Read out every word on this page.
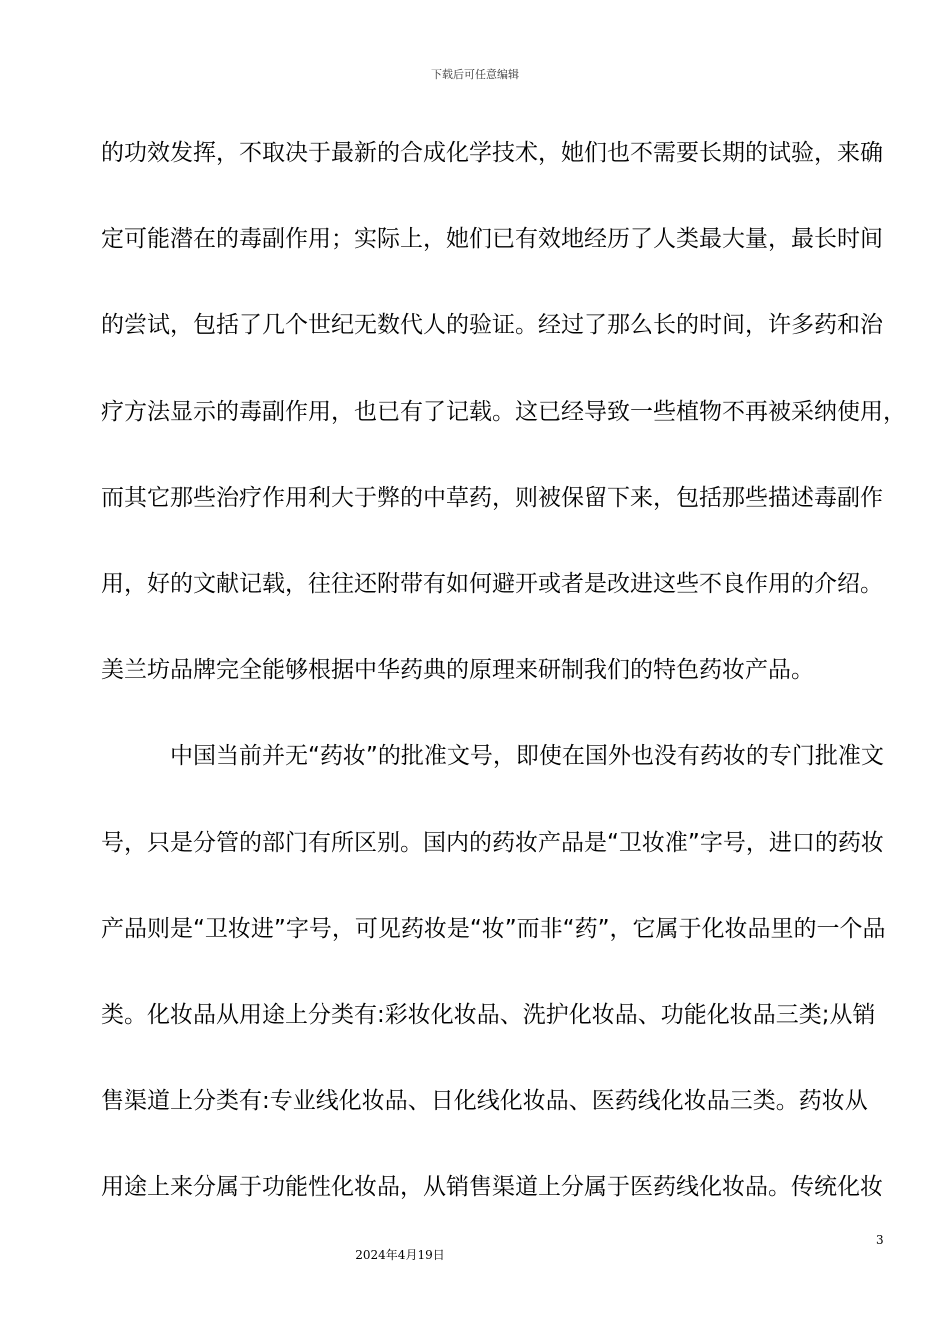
下载后可任意编辑
的功效发挥，不取决于最新的合成化学技术，她们也不需要长期的试验，来确
定可能潜在的毒副作用；实际上，她们已有效地经历了人类最大量，最长时间
的尝试，包括了几个世纪无数代人的验证。经过了那么长的时间，许多药和治
疗方法显示的毒副作用，也已有了记载。这已经导致一些植物不再被采纳使用，
而其它那些治疗作用利大于弊的中草药，则被保留下来，包括那些描述毒副作
用，好的文献记载，往往还附带有如何避开或者是改进这些不良作用的介绍。
美兰坊品牌完全能够根据中华药典的原理来研制我们的特色药妆产品。
中国当前并无“药妆”的批准文号，即使在国外也没有药妆的专门批准文
号，只是分管的部门有所区别。国内的药妆产品是“卫妆准”字号，进口的药妆
产品则是“卫妆进”字号，可见药妆是“妆”而非“药”，它属于化妆品里的一个品
类。化妆品从用途上分类有:彩妆化妆品、洗护化妆品、功能化妆品三类;从销
售渠道上分类有:专业线化妆品、日化线化妆品、医药线化妆品三类。药妆从
用途上来分属于功能性化妆品，从销售渠道上分属于医药线化妆品。传统化妆
3
2024年4月19日
